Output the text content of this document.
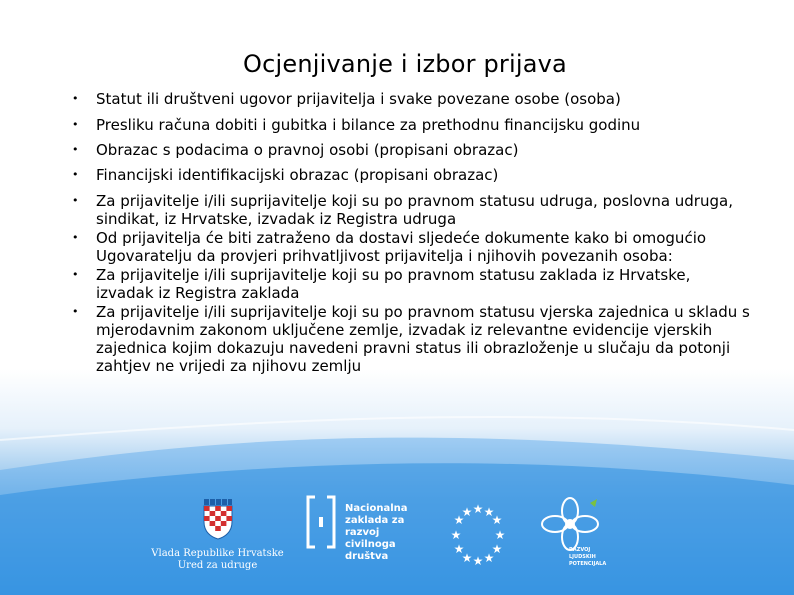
Ocjenjivanje i izbor prijava
• Statut ili društveni ugovor prijavitelja i svake povezane osobe (osoba)
• Presliku računa dobiti i gubitka i bilance za prethodnu financijsku godinu
• Obrazac s podacima o pravnoj osobi (propisani obrazac)
• Financijski identifikacijski obrazac (propisani obrazac)
• Za prijavitelje i/ili suprijavitelje koji su po pravnom statusu udruga, poslovna udruga, sindikat, iz Hrvatske, izvadak iz Registra udruga
• Od prijavitelja će biti zatraženo da dostavi sljedeće dokumente kako bi omogućio Ugovaratelju da provjeri prihvatljivost prijavitelja i njihovih povezanih osoba:
• Za prijavitelje i/ili suprijavitelje koji su po pravnom statusu zaklada iz Hrvatske, izvadak iz Registra zaklada
• Za prijavitelje i/ili suprijavitelje koji su po pravnom statusu vjerska zajednica u skladu s mjerodavnim zakonom uključene zemlje, izvadak iz relevantne evidencije vjerskih zajednica kojim dokazuju navedeni pravni status ili obrazloženje u slučaju da potonji zahtjev ne vrijedi za njihovu zemlju
Vlada Republike Hrvatske
Ured za udruge
Nacionalna
zaklada za
razvoj
civilnoga
društva
★ ★
★
★
★
★
★
★
★
★
★
★
RAZVOJ
LJUDSKIH
POTENCIJALA
